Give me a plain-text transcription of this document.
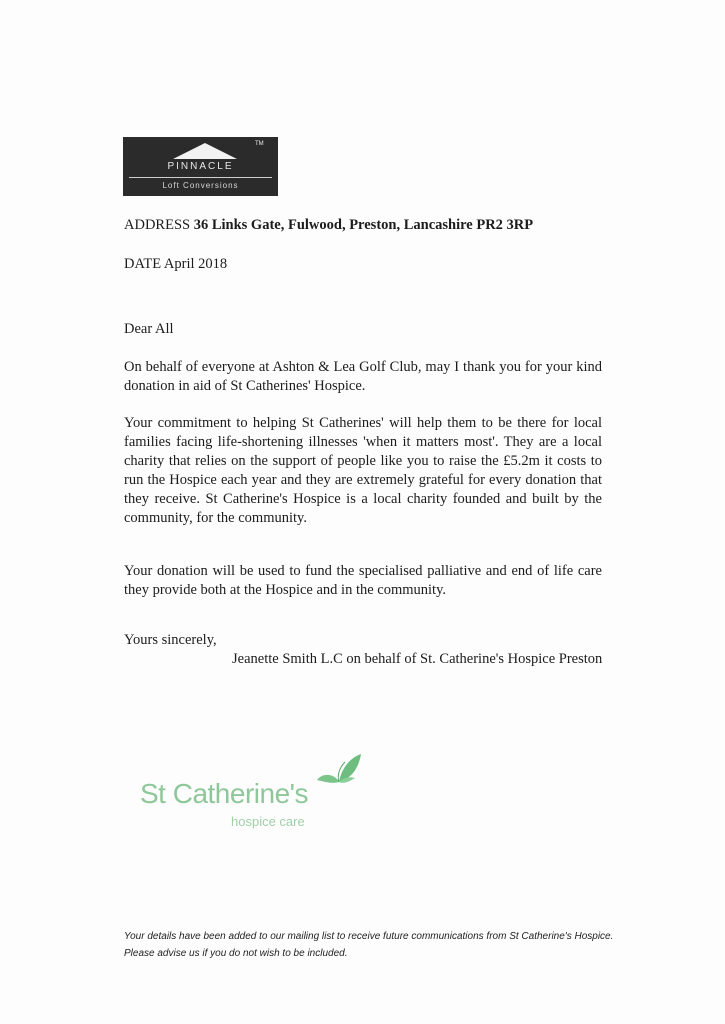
TM
PINNACLE
Loft Conversions
ADDRESS 36 Links Gate, Fulwood, Preston, Lancashire PR2 3RP
DATE April 2018
Dear All
On behalf of everyone at Ashton & Lea Golf Club, may I thank you for your kind donation in aid of St Catherines' Hospice.
Your commitment to helping St Catherines' will help them to be there for local families facing life-shortening illnesses 'when it matters most'. They are a local charity that relies on the support of people like you to raise the £5.2m it costs to run the Hospice each year and they are extremely grateful for every donation that they receive. St Catherine's Hospice is a local charity founded and built by the community, for the community.
Your donation will be used to fund the specialised palliative and end of life care they provide both at the Hospice and in the community.
Yours sincerely,
Jeanette Smith L.C on behalf of St. Catherine's Hospice Preston
St Catherine's
hospice care
Your details have been added to our mailing list to receive future communications from St Catherine's Hospice. Please advise us if you do not wish to be included.
